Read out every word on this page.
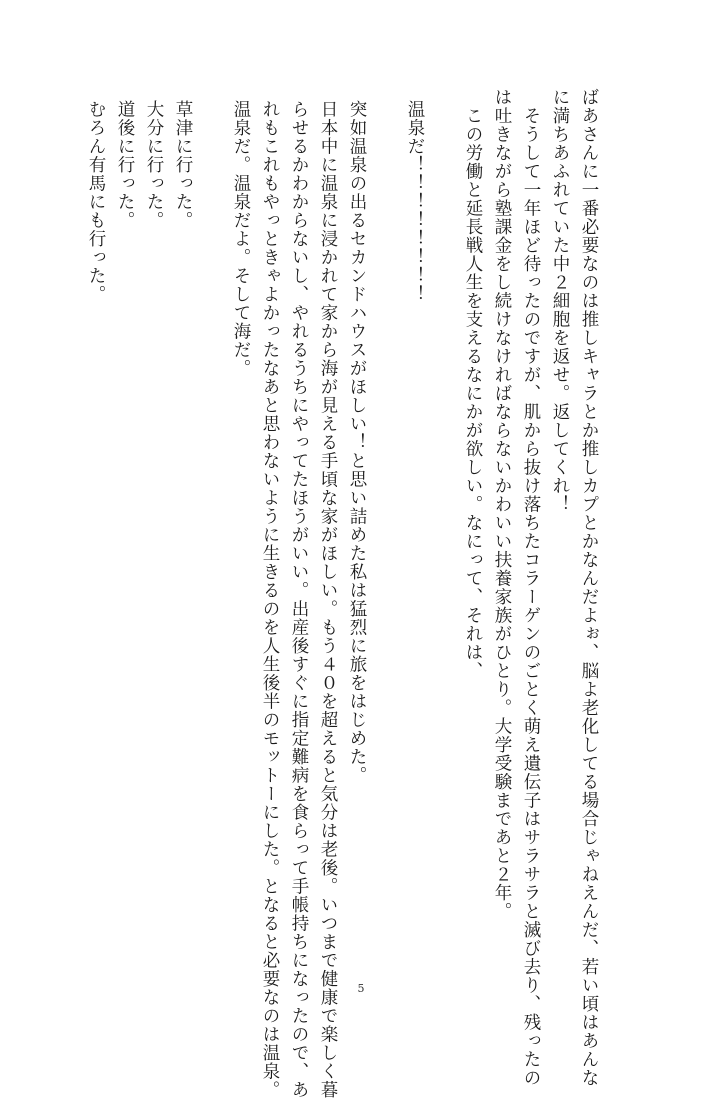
ばあさんに一番必要なのは推しキャラとか推しカプとかなんだよぉ、脳よ老化してる場合じゃねえんだ、若い頃はあんな
に満ちあふれていた中２細胞を返せ。返してくれ！
　そうして一年ほど待ったのですが、肌から抜け落ちたコラーゲンのごとく萌え遺伝子はサラサラと滅び去り、残ったの
は吐きながら塾課金をし続けなければならないかわいい扶養家族がひとり。大学受験まであと２年。
　この労働と延長戦人生を支えるなにかが欲しい。なにって、それは、
温泉だ！！！！！！！！
突如温泉の出るセカンドハウスがほしい！と思い詰めた私は猛烈に旅をはじめた。
日本中に温泉に浸かれて家から海が見える手頃な家がほしい。もう４０を超えると気分は老後。いつまで健康で楽しく暮
らせるかわからないし、やれるうちにやってたほうがいい。出産後すぐに指定難病を食らって手帳持ちになったので、あ
れもこれもやっときゃよかったなあと思わないように生きるのを人生後半のモットーにした。となると必要なのは温泉。
温泉だ。温泉だよ。そして海だ。
草津に行った。
大分に行った。
道後に行った。
むろん有馬にも行った。
5
